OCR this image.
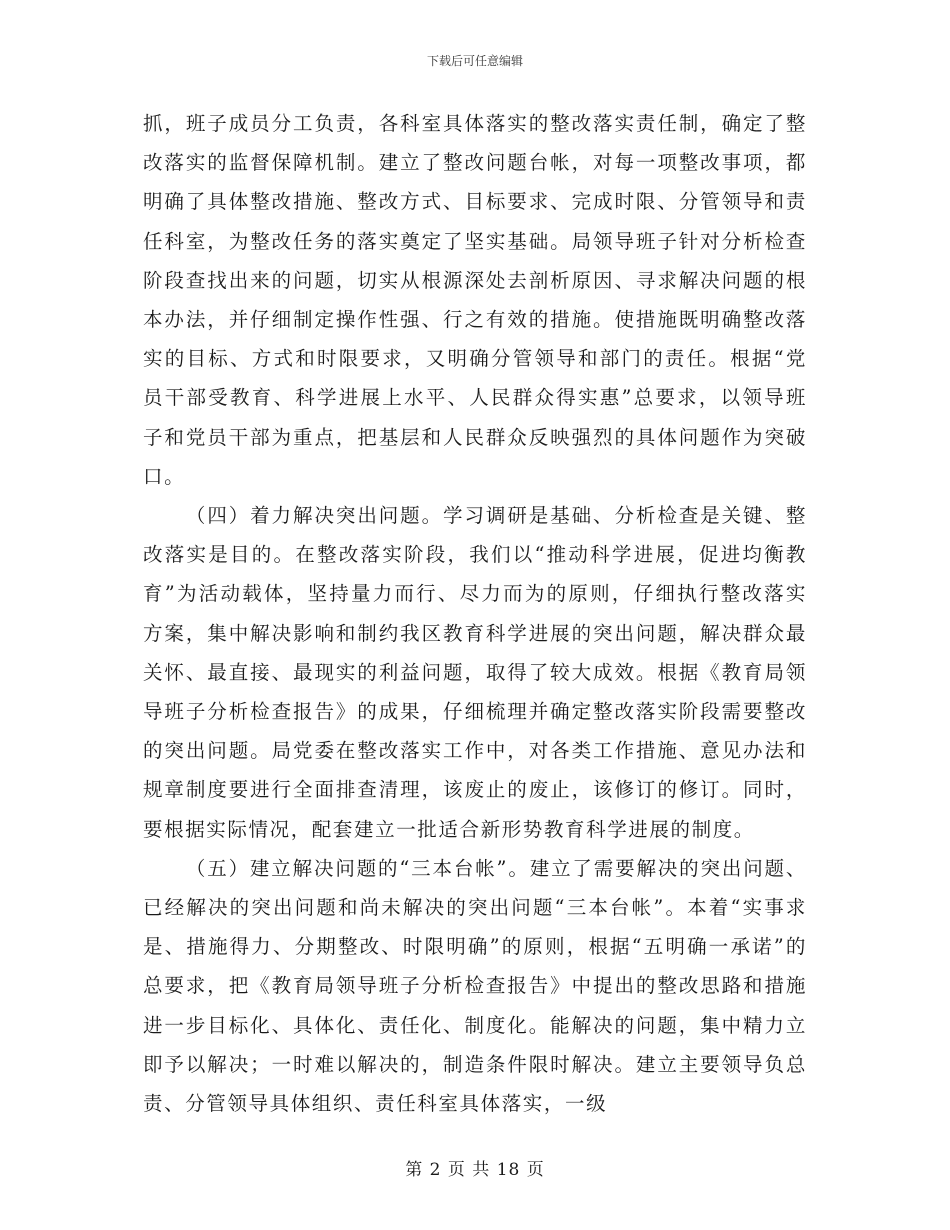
下载后可任意编辑

抓，班子成员分工负责，各科室具体落实的整改落实责任制，确定了整改落实的监督保障机制。建立了整改问题台帐，对每一项整改事项，都明确了具体整改措施、整改方式、目标要求、完成时限、分管领导和责任科室，为整改任务的落实奠定了坚实基础。局领导班子针对分析检查阶段查找出来的问题，切实从根源深处去剖析原因、寻求解决问题的根本办法，并仔细制定操作性强、行之有效的措施。使措施既明确整改落实的目标、方式和时限要求，又明确分管领导和部门的责任。根据“党员干部受教育、科学进展上水平、人民群众得实惠”总要求，以领导班子和党员干部为重点，把基层和人民群众反映强烈的具体问题作为突破口。

（四）着力解决突出问题。学习调研是基础、分析检查是关键、整改落实是目的。在整改落实阶段，我们以“推动科学进展，促进均衡教育”为活动载体，坚持量力而行、尽力而为的原则，仔细执行整改落实方案，集中解决影响和制约我区教育科学进展的突出问题，解决群众最关怀、最直接、最现实的利益问题，取得了较大成效。根据《教育局领导班子分析检查报告》的成果，仔细梳理并确定整改落实阶段需要整改的突出问题。局党委在整改落实工作中，对各类工作措施、意见办法和规章制度要进行全面排查清理，该废止的废止，该修订的修订。同时，要根据实际情况，配套建立一批适合新形势教育科学进展的制度。

（五）建立解决问题的“三本台帐”。建立了需要解决的突出问题、已经解决的突出问题和尚未解决的突出问题“三本台帐”。本着“实事求是、措施得力、分期整改、时限明确”的原则，根据“五明确一承诺”的总要求，把《教育局领导班子分析检查报告》中提出的整改思路和措施进一步目标化、具体化、责任化、制度化。能解决的问题，集中精力立即予以解决；一时难以解决的，制造条件限时解决。建立主要领导负总责、分管领导具体组织、责任科室具体落实，一级

第 2 页 共 18 页
